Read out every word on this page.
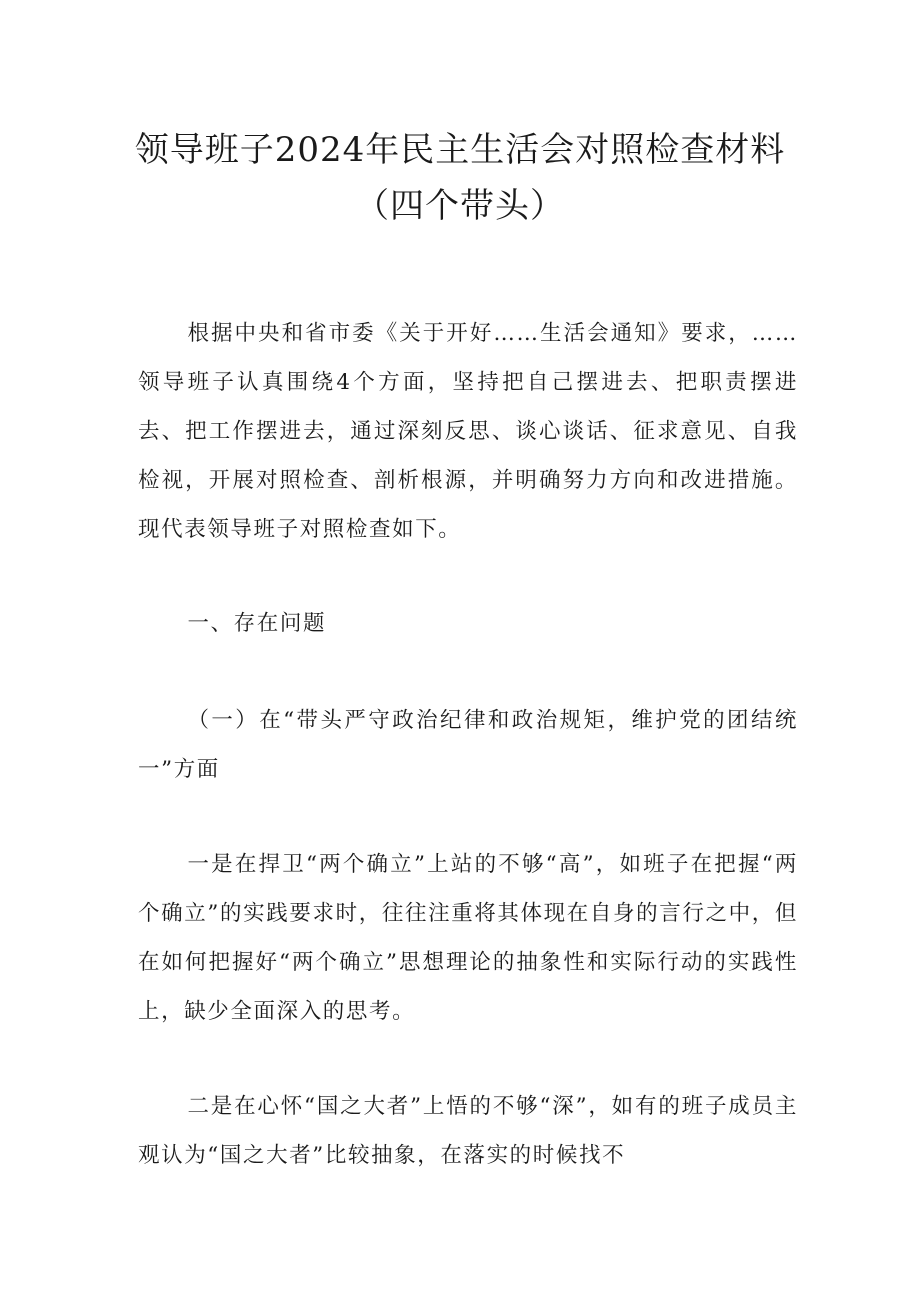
领导班子2024年民主生活会对照检查材料
（四个带头）

根据中央和省市委《关于开好……生活会通知》要求，……领导班子认真围绕4个方面，坚持把自己摆进去、把职责摆进去、把工作摆进去，通过深刻反思、谈心谈话、征求意见、自我检视，开展对照检查、剖析根源，并明确努力方向和改进措施。现代表领导班子对照检查如下。

一、存在问题

（一）在“带头严守政治纪律和政治规矩，维护党的团结统一”方面

一是在捍卫“两个确立”上站的不够“高”，如班子在把握“两个确立”的实践要求时，往往注重将其体现在自身的言行之中，但在如何把握好“两个确立”思想理论的抽象性和实际行动的实践性上，缺少全面深入的思考。

二是在心怀“国之大者”上悟的不够“深”，如有的班子成员主观认为“国之大者”比较抽象，在落实的时候找不
